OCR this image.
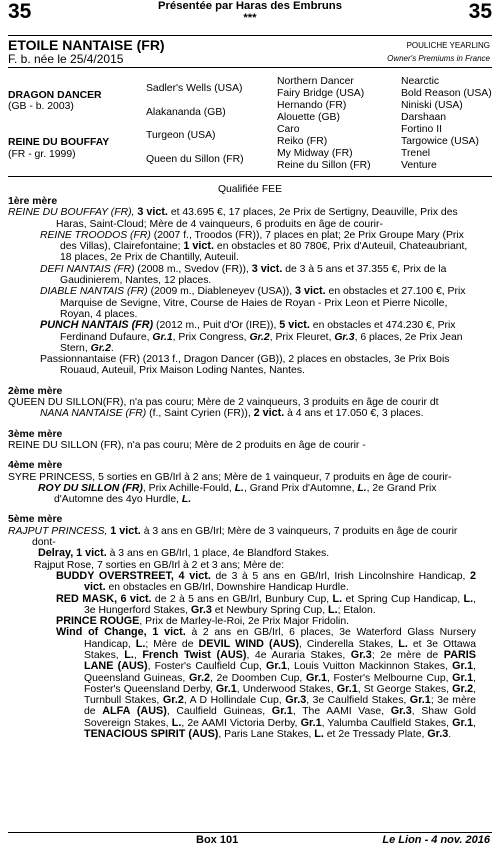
35	35
Présentée par Haras des Embruns
***
ETOILE NANTAISE (FR)
F. b. née le 25/4/2015
POULICHE YEARLING
Owner's Premiums in France
DRAGON DANCER
(GB - b. 2003)
REINE DU BOUFFAY
(FR - gr. 1999)
Sadler's Wells (USA)
Alakananda (GB)
Turgeon (USA)
Queen du Sillon (FR)
Northern Dancer
Fairy Bridge (USA)
Hernando (FR)
Alouette (GB)
Caro
Reiko (FR)
My Midway (FR)
Reine du Sillon (FR)
Nearctic
Bold Reason (USA)
Niniski (USA)
Darshaan
Fortino II
Targowice (USA)
Trenel
Venture
Qualifiée FEE

1ère mère

REINE DU BOUFFAY (FR), 3 vict. et 43.695 €, 17 places, 2e Prix de Sertigny, Deauville, Prix des Haras, Saint-Cloud; Mère de 4 vainqueurs, 6 produits en âge de courir-

REINE TROODOS (FR) (2007 f., Troodos (FR)), 7 places en plat; 2e Prix Groupe Mary (Prix des Villas), Clairefontaine; 1 vict. en obstacles et 80 780€, Prix d'Auteuil, Chateaubriant, 18 places, 2e Prix de Chantilly, Auteuil.

DEFI NANTAIS (FR) (2008 m., Svedov (FR)), 3 vict. de 3 à 5 ans et 37.355 €, Prix de la Gaudinierem, Nantes, 12 places.

DIABLE NANTAIS (FR) (2009 m., Diableneyev (USA)), 3 vict. en obstacles et 27.100 €, Prix Marquise de Sevigne, Vitre, Course de Haies de Royan - Prix Leon et Pierre Nicolle, Royan, 4 places.

PUNCH NANTAIS (FR) (2012 m., Puit d'Or (IRE)), 5 vict. en obstacles et 474.230 €, Prix Ferdinand Dufaure, Gr.1, Prix Congress, Gr.2, Prix Fleuret, Gr.3, 6 places, 2e Prix Jean Stern, Gr.2.

Passionnantaise (FR) (2013 f., Dragon Dancer (GB)), 2 places en obstacles, 3e Prix Bois Rouaud, Auteuil, Prix Maison Loding Nantes, Nantes.

2ème mère

QUEEN DU SILLON(FR), n'a pas couru; Mère de 2 vainqueurs, 3 produits en âge de courir dt

NANA NANTAISE (FR) (f., Saint Cyrien (FR)), 2 vict. à 4 ans et 17.050 €, 3 places.

3ème mère

REINE DU SILLON (FR), n'a pas couru; Mère de 2 produits en âge de courir -

4ème mère

SYRE PRINCESS, 5 sorties en GB/Irl à 2 ans; Mère de 1 vainqueur, 7 produits en âge de courir-

ROY DU SILLON (FR), Prix Achille-Fould, L., Grand Prix d'Automne, L., 2e Grand Prix d'Automne des 4yo Hurdle, L.

5ème mère

RAJPUT PRINCESS, 1 vict. à 3 ans en GB/Irl; Mère de 3 vainqueurs, 7 produits en âge de courir dont-

Delray, 1 vict. à 3 ans en GB/Irl, 1 place, 4e Blandford Stakes.

Rajput Rose, 7 sorties en GB/Irl à 2 et 3 ans; Mère de:

BUDDY OVERSTREET, 4 vict. de 3 à 5 ans en GB/Irl, Irish Lincolnshire Handicap, 2 vict. en obstacles en GB/Irl, Downshire Handicap Hurdle.

RED MASK, 6 vict. de 2 à 5 ans en GB/Irl, Bunbury Cup, L. et Spring Cup Handicap, L., 3e Hungerford Stakes, Gr.3 et Newbury Spring Cup, L.; Etalon.

PRINCE ROUGE, Prix de Marley-le-Roi, 2e Prix Major Fridolin.

Wind of Change, 1 vict. à 2 ans en GB/Irl, 6 places, 3e Waterford Glass Nursery Handicap, L.; Mère de DEVIL WIND (AUS), Cinderella Stakes, L. et 3e Ottawa Stakes, L., French Twist (AUS), 4e Auraria Stakes, Gr.3; 2e mère de PARIS LANE (AUS), Foster's Caulfield Cup, Gr.1, Louis Vuitton Mackinnon Stakes, Gr.1, Queensland Guineas, Gr.2, 2e Doomben Cup, Gr.1, Foster's Melbourne Cup, Gr.1, Foster's Queensland Derby, Gr.1, Underwood Stakes, Gr.1, St George Stakes, Gr.2, Turnbull Stakes, Gr.2, A D Hollindale Cup, Gr.3, 3e Caulfield Stakes, Gr.1; 3e mère de ALFA (AUS), Caulfield Guineas, Gr.1, The AAMI Vase, Gr.3, Shaw Gold Sovereign Stakes, L., 2e AAMI Victoria Derby, Gr.1, Yalumba Caulfield Stakes, Gr.1, TENACIOUS SPIRIT (AUS), Paris Lane Stakes, L. et 2e Tressady Plate, Gr.3.

Box 101	Le Lion - 4 nov. 2016
